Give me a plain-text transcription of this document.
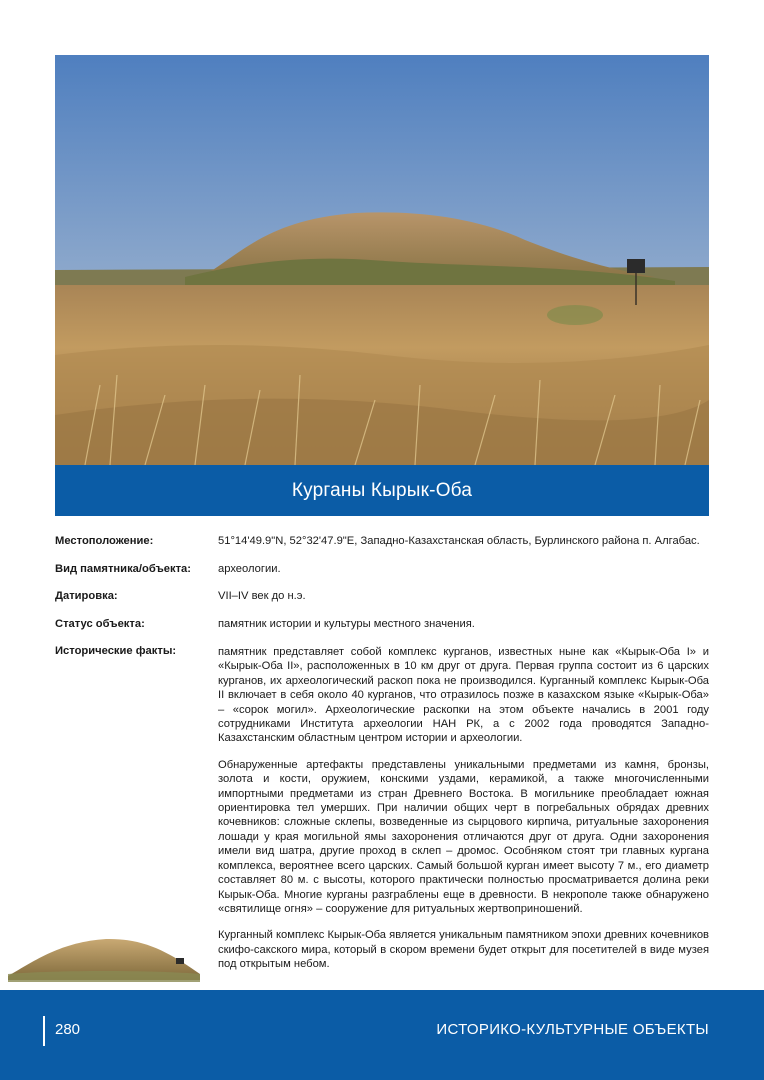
Курганы Кырык-Оба
Местоположение:	51°14'49.9"N, 52°32'47.9"E, Западно-Казахстанская область, Бурлинского района п. Алгабас.
Вид памятника/объекта:	археологии.
Датировка:	VII–IV век до н.э.
Статус объекта:	памятник истории и культуры местного значения.
Исторические факты:	памятник представляет собой комплекс курганов, известных ныне как «Кырык-Оба I» и «Кырык-Оба II», расположенных в 10 км друг от друга. Первая группа состоит из 6 царских курганов, их археологический раскоп пока не производился. Курганный комплекс Кырык-Оба II включает в себя около 40 курганов, что отразилось позже в казахском языке «Кырык-Оба» – «сорок могил». Археологические раскопки на этом объекте начались в 2001 году сотрудниками Института археологии НАН РК, а с 2002 года проводятся Западно-Казахстанским областным центром истории и археологии.

Обнаруженные артефакты представлены уникальными предметами из камня, бронзы, золота и кости, оружием, конскими уздами, керамикой, а также многочисленными импортными предметами из стран Древнего Востока. В могильнике преобладает южная ориентировка тел умерших. При наличии общих черт в погребальных обрядах древних кочевников: сложные склепы, возведенные из сырцового кирпича, ритуальные захоронения лошади у края могильной ямы захоронения отличаются друг от друга. Одни захоронения имели вид шатра, другие проход в склеп – дромос. Особняком стоят три главных кургана комплекса, вероятнее всего царских. Самый большой курган имеет высоту 7 м., его диаметр составляет 80 м. с высоты, которого практически полностью просматривается долина реки Кырык-Оба. Многие курганы разграблены еще в древности. В некрополе также обнаружено «святилище огня» – сооружение для ритуальных жертвоприношений.

Курганный комплекс Кырык-Оба является уникальным памятником эпохи древних кочевников скифо-сакского мира, который в скором времени будет открыт для посетителей в виде музея под открытым небом.

280	ИСТОРИКО-КУЛЬТУРНЫЕ ОБЪЕКТЫ
